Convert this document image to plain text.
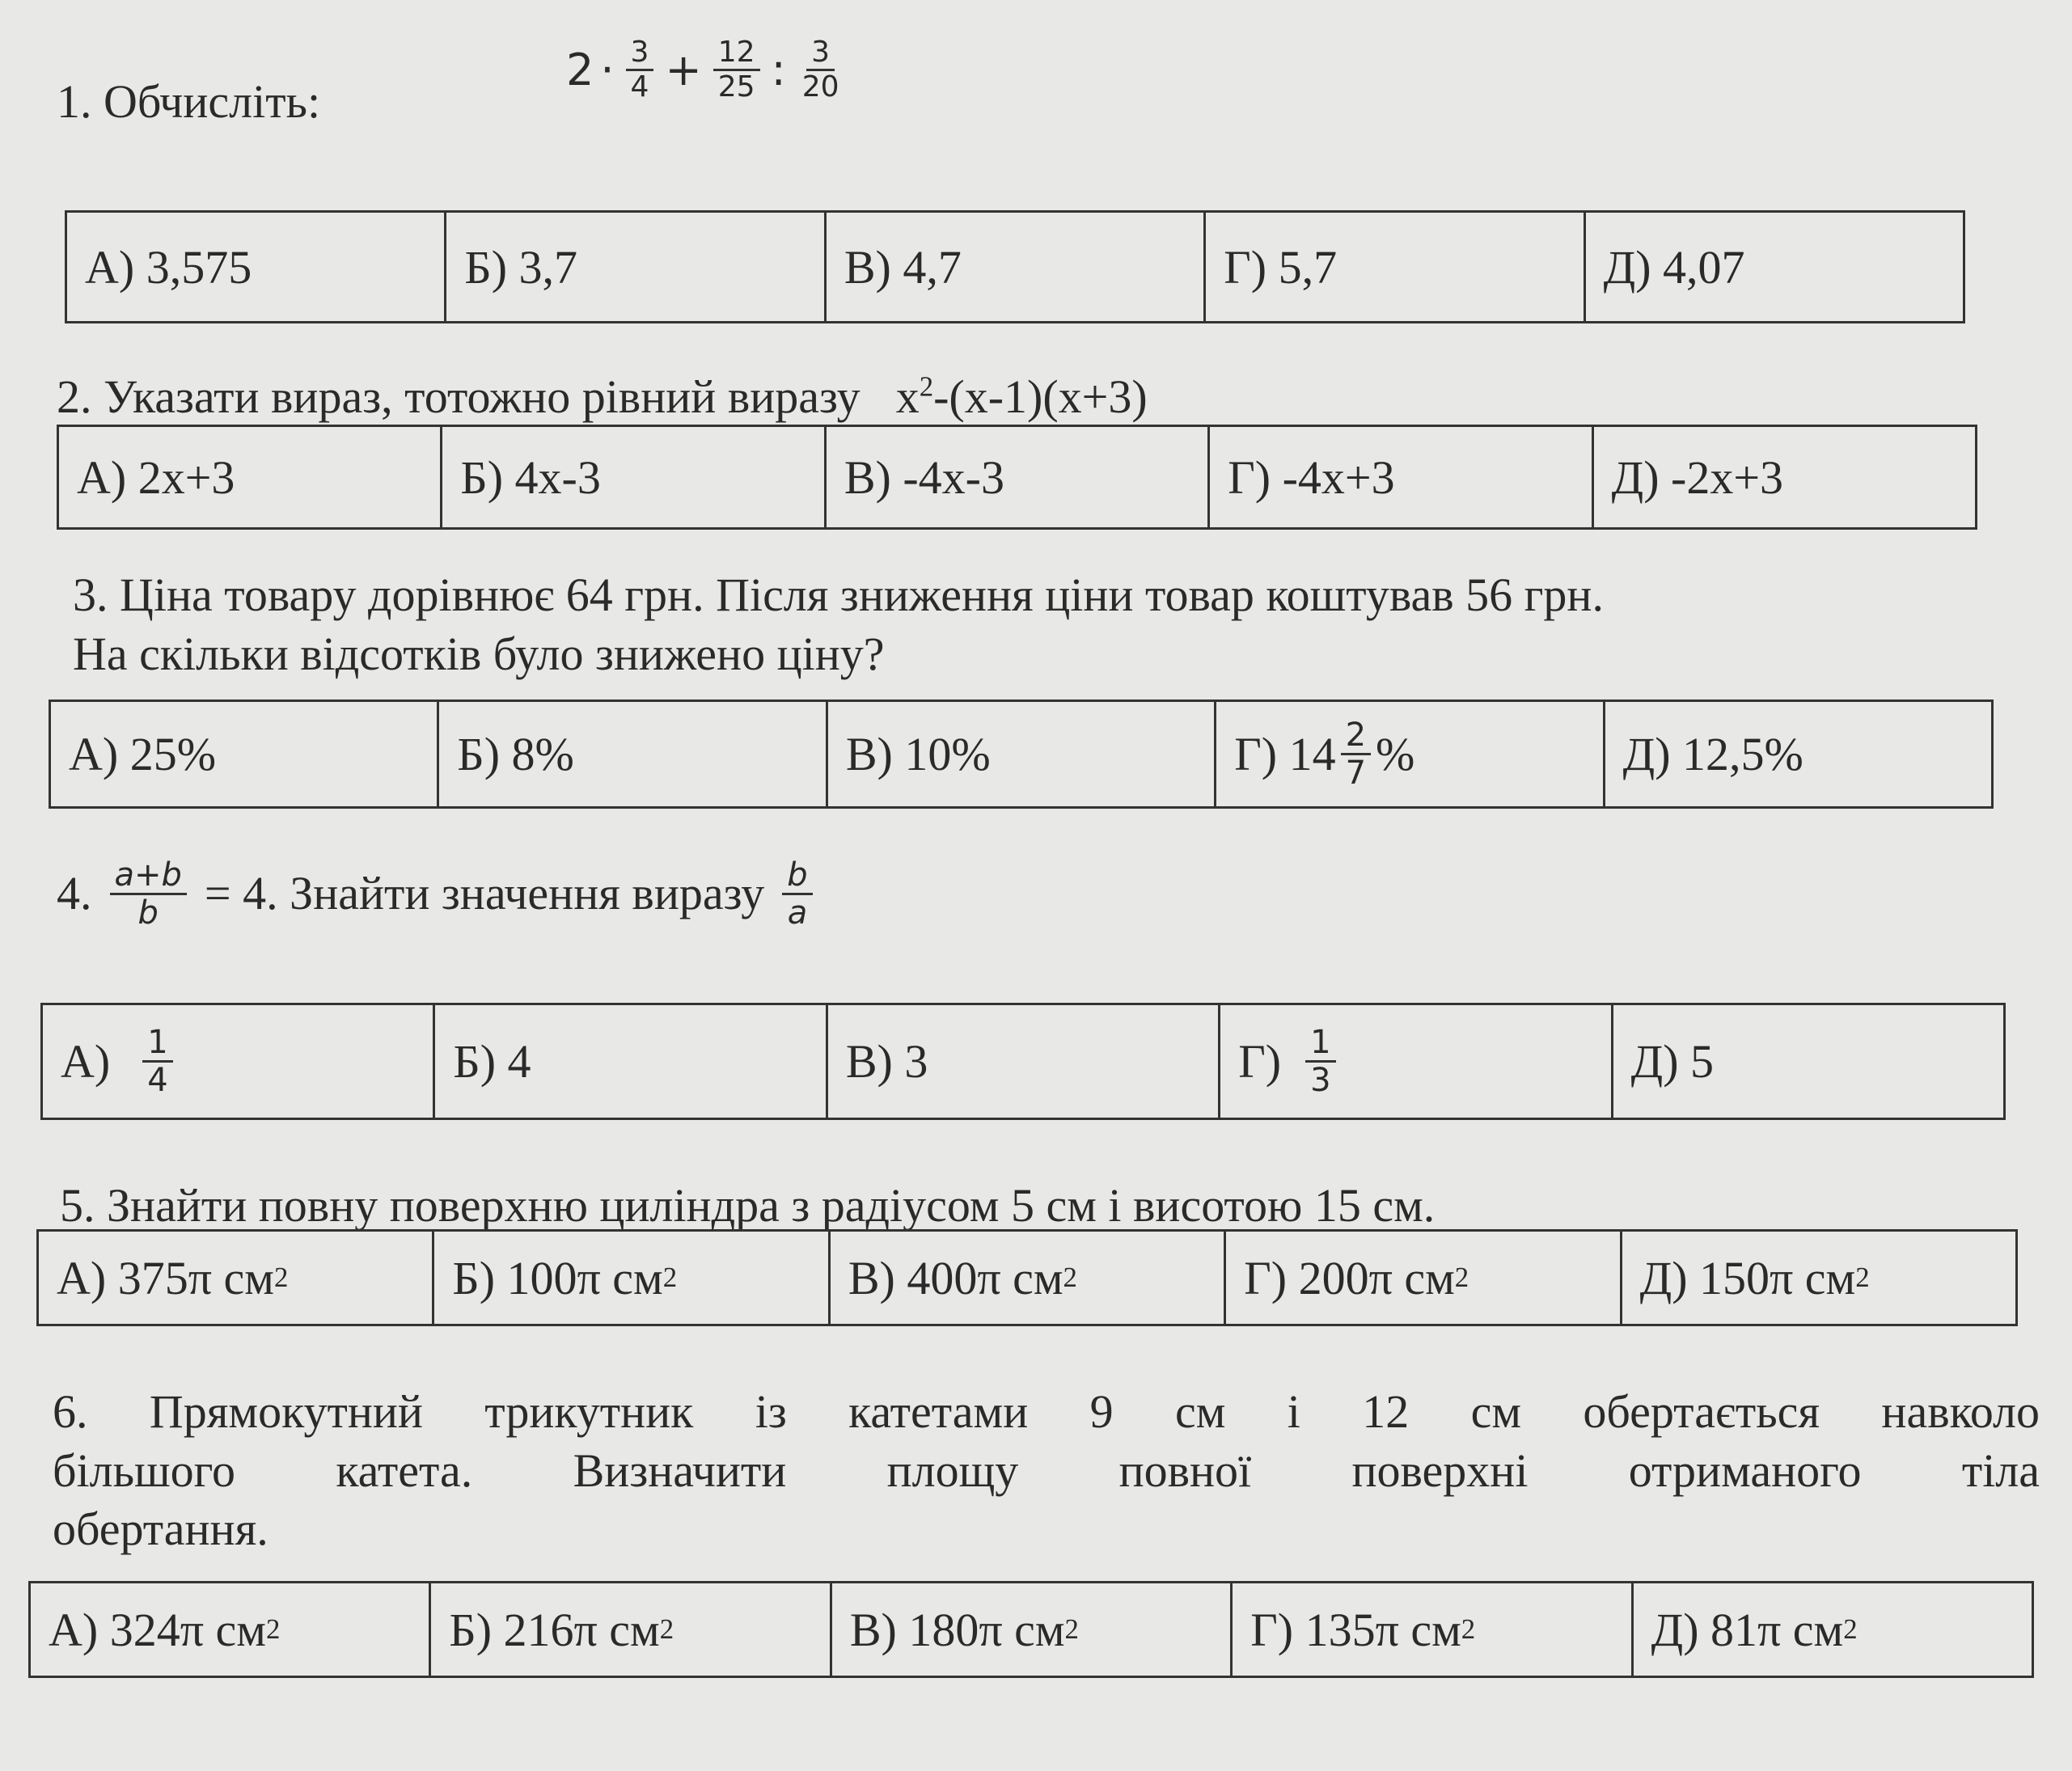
1. Обчисліть:
$2 \cdot \frac{3}{4} + \frac{12}{25}$ : $\frac{3}{20}$
А) 3,575	Б) 3,7	В) 4,7	Г) 5,7	Д) 4,07
2. Указати вираз, тотожно рівний виразу $x^2-(x-1)(x+3)$
А) 2x+3	Б) 4x-3	В) -4x-3	Г) -4x+3	Д) -2x+3
3. Ціна товару дорівнює 64 грн. Після зниження ціни товар коштував 56 грн.
На скільки відсотків було знижено ціну?
А) 25%	Б) 8%	В) 10%	Г) $14 \frac{2}{7}$ %	Д) 12,5%
4. $\frac{a+b}{b} = 4$. Знайти значення виразу $\frac{b}{a}$
$А) \frac{1}{4}$	Б) 4	В) 3	$Г) \frac{1}{3}$	Д) 5
5. Знайти повну поверхню циліндра з радіусом 5 см і висотою 15 см.
А) 375π см 2	Б) 100π см 2	В) 400π см 2	Г) 200π см 2	Д) 150π см 2
6. Прямокутний трикутник із катетами 9 см і 12 см обертається навколо
більшого катета. Визначити площу повної поверхні отриманого тіла
обертання.
А) 324π см 2	Б) 216π см 2	В) 180π см 2	Г) 135π см 2	Д) 81π см 2
